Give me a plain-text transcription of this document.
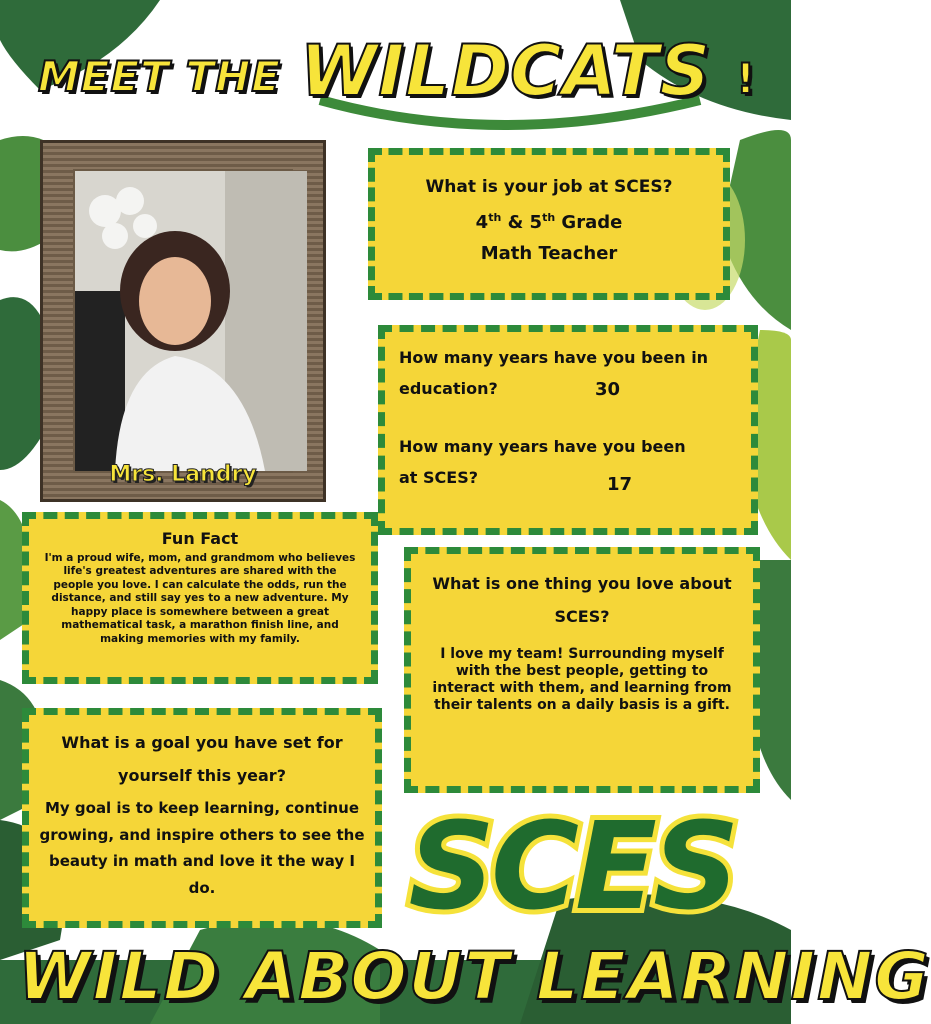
MEET THE WILDCATS !
Mrs. Landry
What is your job at SCES?
4th & 5th Grade
Math Teacher
How many years have you been in
education?	30
How many years have you been
at SCES?	17
Fun Fact
I'm a proud wife, mom, and grandmom who believes life's greatest adventures are shared with the people you love. I can calculate the odds, run the distance, and still say yes to a new adventure. My happy place is somewhere between a great mathematical task, a marathon finish line, and making memories with my family.
What is one thing you love about
SCES?
I love my team! Surrounding myself with the best people, getting to interact with them, and learning from their talents on a daily basis is a gift.
What is a goal you have set for
yourself this year?
My goal is to keep learning, continue growing, and inspire others to see the beauty in math and love it the way I do.	SCES
WILD ABOUT LEARNING
